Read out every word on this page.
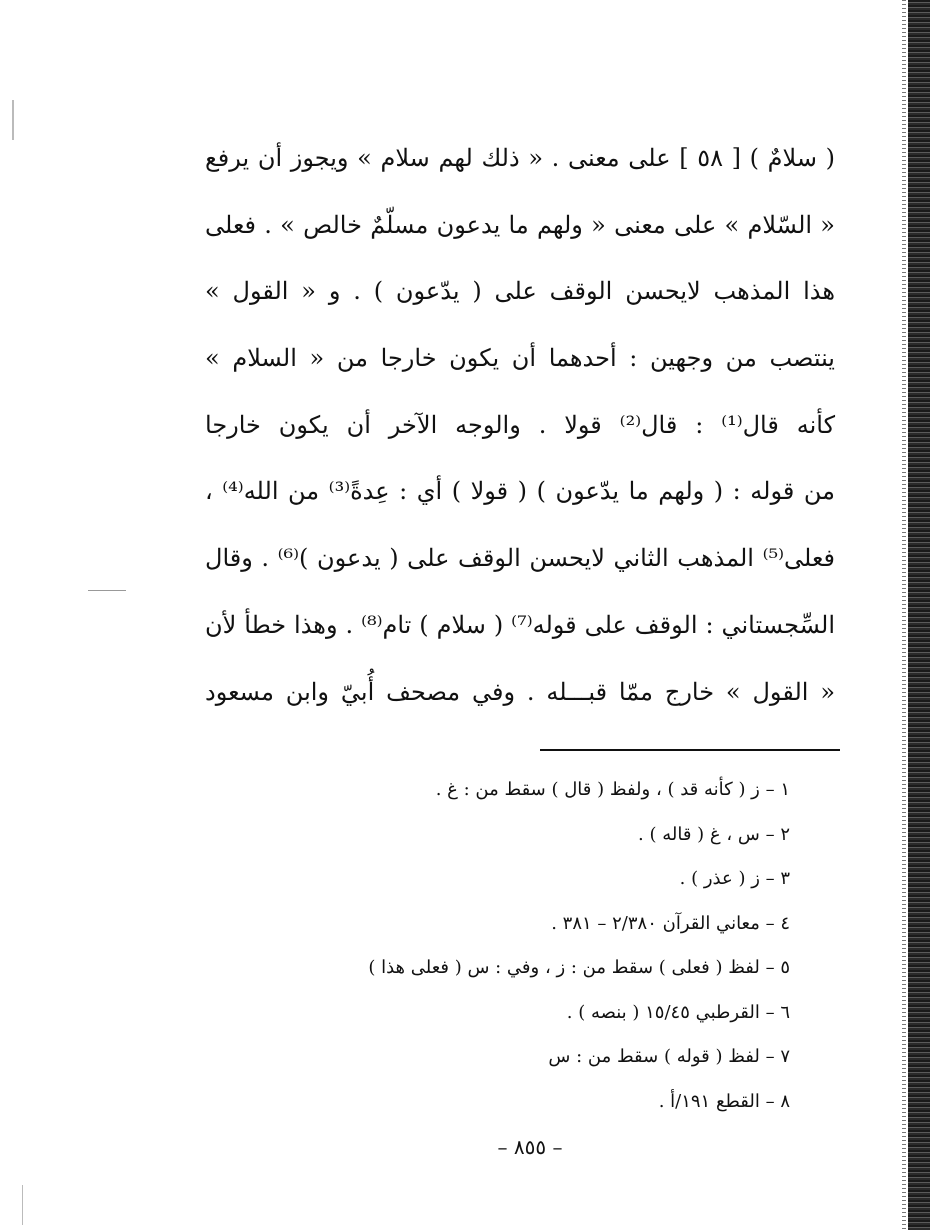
( سلامٌ ) [ ٥٨ ] على معنى . « ذلك لهم سلام » ويجوز أن يرفع
« السّلام » على معنى « ولهم ما يدعون مسلّمٌ خالص » . فعلى
هذا المذهب لايحسن الوقف على ( يدّعون ) . و « القول »
ينتصب من وجهين : أحدهما أن يكون خارجا من « السلام »
كأنه قال⁽¹⁾ : قال⁽²⁾ قولا . والوجه الآخر أن يكون خارجا
من قوله : ( ولهم ما يدّعون ) ( قولا ) أي : عِدةً⁽³⁾ من الله⁽⁴⁾ ،
فعلى⁽⁵⁾ المذهب الثاني لايحسن الوقف على ( يدعون )⁽⁶⁾ . وقال
السِّجستاني : الوقف على قوله⁽⁷⁾ ( سلام ) تام⁽⁸⁾ . وهذا خطأ لأن
« القول » خارج ممّا قبـــله . وفي مصحف أُبيّ وابن مسعود
١ – ز ( كأنه قد ) ، ولفظ ( قال ) سقط من : غ .
٢ – س ، غ ( قاله ) .
٣ – ز ( عذر ) .
٤ – معاني القرآن ٢/٣٨٠ – ٣٨١ .
٥ – لفظ ( فعلى ) سقط من : ز ، وفي : س ( فعلى هذا )
٦ – القرطبي ١٥/٤٥ ( بنصه ) .
٧ – لفظ ( قوله ) سقط من : س
٨ – القطع ١٩١/أ .
– ٨٥٥ –
